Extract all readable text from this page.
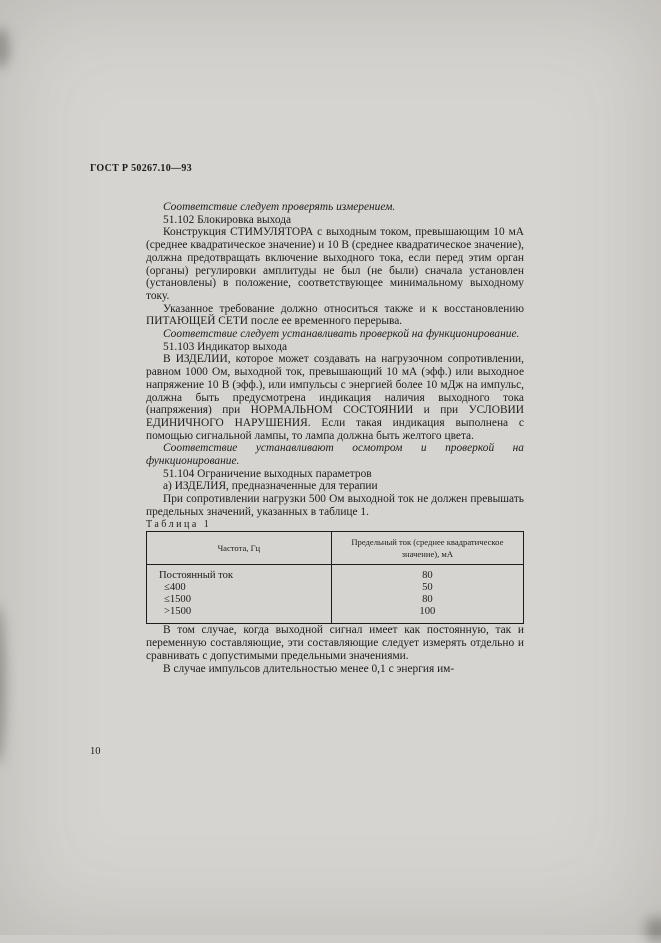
ГОСТ Р 50267.10—93

Соответствие следует проверять измерением.

51.102 Блокировка выхода

Конструкция СТИМУЛЯТОРА с выходным током, превышающим 10 мА (среднее квадратическое значение) и 10 В (среднее квадратическое значение), должна предотвращать включение выходного тока, если перед этим орган (органы) регулировки амплитуды не был (не были) сначала установлен (установлены) в положение, соответствующее минимальному выходному току.

Указанное требование должно относиться также и к восстановлению ПИТАЮЩЕЙ СЕТИ после ее временного перерыва.

Соответствие следует устанавливать проверкой на функционирование.

51.103 Индикатор выхода

В ИЗДЕЛИИ, которое может создавать на нагрузочном сопротивлении, равном 1000 Ом, выходной ток, превышающий 10 мА (эфф.) или выходное напряжение 10 В (эфф.), или импульсы с энергией более 10 мДж на импульс, должна быть предусмотрена индикация наличия выходного тока (напряжения) при НОРМАЛЬНОМ СОСТОЯНИИ и при УСЛОВИИ ЕДИНИЧНОГО НАРУШЕНИЯ. Если такая индикация выполнена с помощью сигнальной лампы, то лампа должна быть желтого цвета.

Соответствие устанавливают осмотром и проверкой на функционирование.

51.104 Ограничение выходных параметров

а) ИЗДЕЛИЯ, предназначенные для терапии

При сопротивлении нагрузки 500 Ом выходной ток не должен превышать предельных значений, указанных в таблице 1.

Таблица 1

Частота, Гц	Предельный ток (среднее квадратическое значение), мА
Постоянный ток	80
≤400	50
≤1500	80
>1500	100

В том случае, когда выходной сигнал имеет как постоянную, так и переменную составляющие, эти составляющие следует измерять отдельно и сравнивать с допустимыми предельными значениями.

В случае импульсов длительностью менее 0,1 с энергия им-

10
